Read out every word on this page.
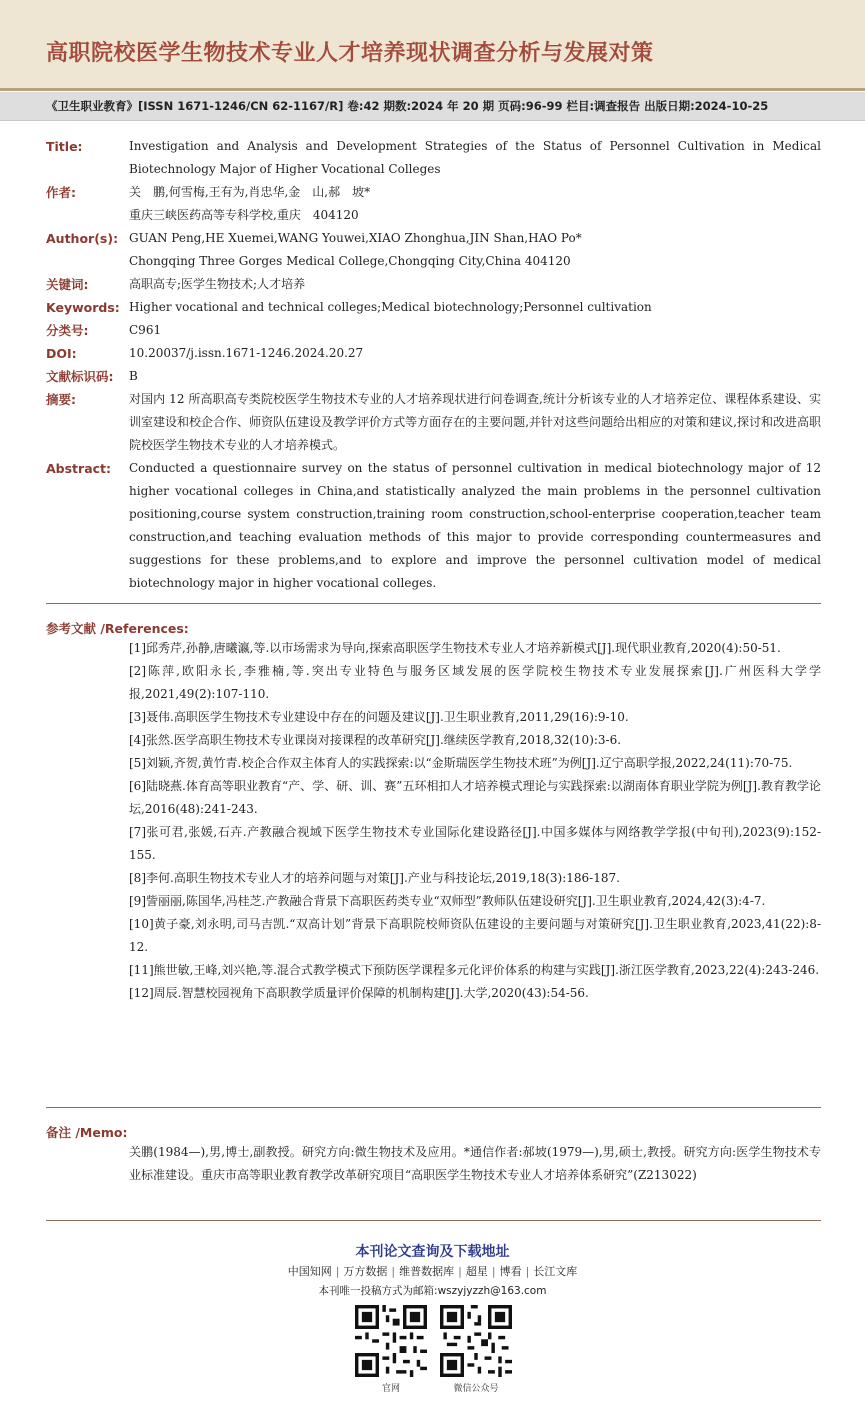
高职院校医学生物技术专业人才培养现状调查分析与发展对策
《卫生职业教育》[ISSN 1671-1246/CN 62-1167/R] 卷:42 期数:2024 年 20 期 页码:96-99 栏目:调查报告 出版日期:2024-10-25
Title:	Investigation and Analysis and Development Strategies of the Status of Personnel Cultivation in Medical Biotechnology Major of Higher Vocational Colleges
作者:	关　鹏,何雪梅,王有为,肖忠华,金　山,郝　坡*
重庆三峡医药高等专科学校,重庆　404120
Author(s): GUAN Peng,HE Xuemei,WANG Youwei,XIAO Zhonghua,JIN Shan,HAO Po*
Chongqing Three Gorges Medical College,Chongqing City,China 404120
关键词:	高职高专;医学生物技术;人才培养
Keywords: Higher vocational and technical colleges;Medical biotechnology;Personnel cultivation
分类号:	C961
DOI:	10.20037/j.issn.1671-1246.2024.20.27
文献标识码:	B
摘要:	对国内 12 所高职高专类院校医学生物技术专业的人才培养现状进行问卷调查,统计分析该专业的人才培养定位、课程体系建设、实训室建设和校企合作、师资队伍建设及教学评价方式等方面存在的主要问题,并针对这些问题给出相应的对策和建议,探讨和改进高职院校医学生物技术专业的人才培养模式。
Abstract:	Conducted a questionnaire survey on the status of personnel cultivation in medical biotechnology major of 12 higher vocational colleges in China,and statistically analyzed the main problems in the personnel cultivation positioning,course system construction,training room construction,school-enterprise cooperation,teacher team construction,and teaching evaluation methods of this major to provide corresponding countermeasures and suggestions for these problems,and to explore and improve the personnel cultivation model of medical biotechnology major in higher vocational colleges.
参考文献 /References:
[1]邱秀芹,孙静,唐曦瀛,等.以市场需求为导向,探索高职医学生物技术专业人才培养新模式[J].现代职业教育,2020(4):50-51.
[2]陈萍,欧阳永长,李雅楠,等.突出专业特色与服务区域发展的医学院校生物技术专业发展探索[J].广州医科大学学报,2021,49(2):107-110.
[3]聂伟.高职医学生物技术专业建设中存在的问题及建议[J].卫生职业教育,2011,29(16):9-10.
[4]张然.医学高职生物技术专业课岗对接课程的改革研究[J].继续医学教育,2018,32(10):3-6.
[5]刘颖,齐贺,黄竹青.校企合作双主体育人的实践探索:以“金斯瑞医学生物技术班”为例[J].辽宁高职学报,2022,24(11):70-75.
[6]陆晓燕.体育高等职业教育“产、学、研、训、赛”五环相扣人才培养模式理论与实践探索:以湖南体育职业学院为例[J].教育教学论坛,2016(48):241-243.
[7]张可君,张媛,石卉.产教融合视域下医学生物技术专业国际化建设路径[J].中国多媒体与网络教学学报(中旬刊),2023(9):152-155.
[8]李何.高职生物技术专业人才的培养问题与对策[J].产业与科技论坛,2019,18(3):186-187.
[9]訾丽丽,陈国华,冯桂芝.产教融合背景下高职医药类专业“双师型”教师队伍建设研究[J].卫生职业教育,2024,42(3):4-7.
[10]黄子豪,刘永明,司马吉凯.“双高计划”背景下高职院校师资队伍建设的主要问题与对策研究[J].卫生职业教育,2023,41(22):8-12.
[11]熊世敏,王峰,刘兴艳,等.混合式教学模式下预防医学课程多元化评价体系的构建与实践[J].浙江医学教育,2023,22(4):243-246.
[12]周辰.智慧校园视角下高职教学质量评价保障的机制构建[J].大学,2020(43):54-56.
备注 /Memo:
关鹏(1984—),男,博士,副教授。研究方向:微生物技术及应用。*通信作者:郝坡(1979—),男,硕士,教授。研究方向:医学生物技术专业标准建设。重庆市高等职业教育教学改革研究项目“高职医学生物技术专业人才培养体系研究”(Z213022)
本刊论文查询及下载地址
中国知网 | 万方数据 | 维普数据库 | 超星 | 博看 | 长江文库
本刊唯一投稿方式为邮箱:wszyjyzzh@163.com
官网	微信公众号
